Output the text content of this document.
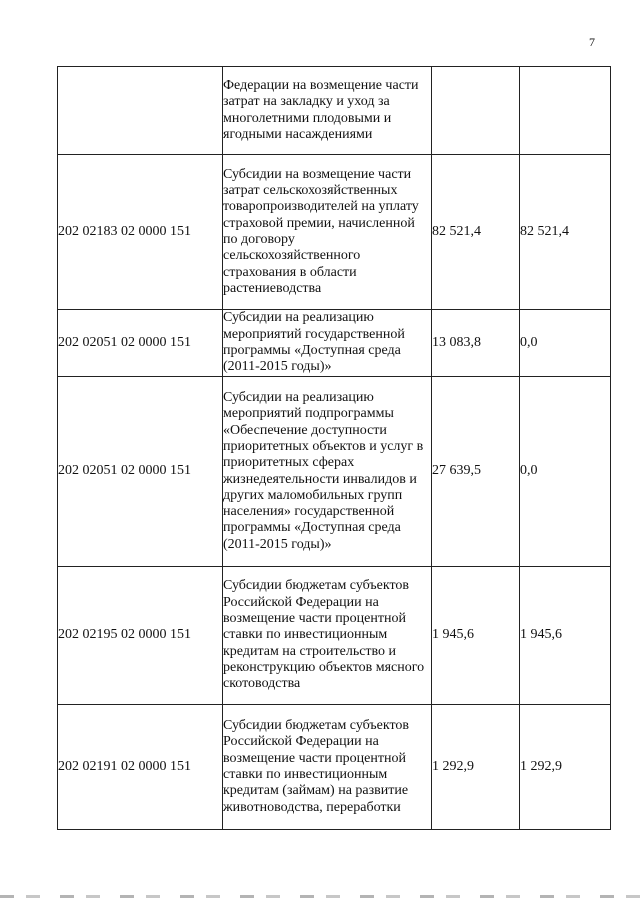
7
	Федерации на возмещение части затрат на закладку и уход за многолетними плодовыми и ягодными насаждениями		
202 02183 02 0000 151	Субсидии на возмещение части затрат сельскохозяйственных товаропроизводителей на уплату страховой премии, начисленной по договору сельскохозяйственного страхования в области растениеводства	82 521,4	82 521,4
202 02051 02 0000 151	Субсидии на реализацию мероприятий государственной программы «Доступная среда (2011-2015 годы)»	13 083,8	0,0
202 02051 02 0000 151	Субсидии на реализацию мероприятий подпрограммы «Обеспечение доступности приоритетных объектов и услуг в приоритетных сферах жизнедеятельности инвалидов и других маломобильных групп населения» государственной программы «Доступная среда (2011-2015 годы)»	27 639,5	0,0
202 02195 02 0000 151	Субсидии бюджетам субъектов Российской Федерации на возмещение части процентной ставки по инвестиционным кредитам на строительство и реконструкцию объектов мясного скотоводства	1 945,6	1 945,6
202 02191 02 0000 151	Субсидии бюджетам субъектов Российской Федерации на возмещение части процентной ставки по инвестиционным кредитам (займам) на развитие животноводства, переработки	1 292,9	1 292,9
